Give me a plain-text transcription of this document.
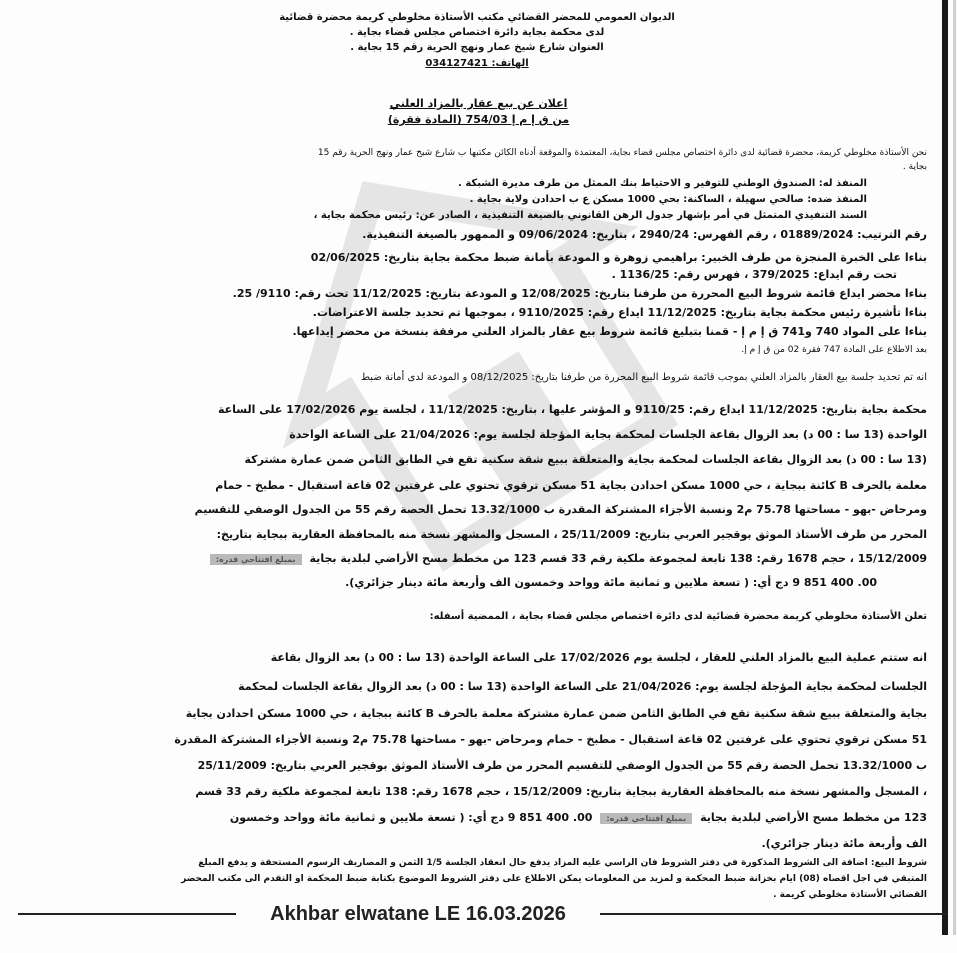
الديوان العمومي للمحضر القضائي مكتب الأستاذة مخلوطي كريمة محضرة قضائية
لدى محكمة بجاية دائرة اختصاص مجلس قضاء بجاية .
العنوان شارع شيخ عمار ونهج الحرية رقم 15 بجاية .
الهاتف: 034127421
اعلان عن بيع عقار بالمزاد العلني
من ق إ م إ 754/03 (المادة فقرة)
نحن الأستاذة مخلوطي كريمة، محضرة قضائية لدى دائرة اختصاص مجلس قضاء بجاية، المعتمدة والموقعة أدناه الكائن مكتبها ب شارع شيخ عمار ونهج الحرية رقم 15
بجاية .
المنفذ له: الصندوق الوطني للتوفير و الاحتياط بنك الممثل من طرف مديرة الشبكة .
المنفذ ضده: صالحي سهيلة ، الساكنة: بحي 1000 مسكن ع ب احدادن ولاية بجاية .
السند التنفيذي المتمثل في أمر بإشهار جدول الرهن القانوني بالصيغة التنفيذية ، الصادر عن: رئيس محكمة بجاية ،
رقم الترتيب: 01889/2024 ، رقم الفهرس: 2940/24 ، بتاريخ: 09/06/2024 و الممهور بالصيغة التنفيذية.
بناءا على الخبرة المنجزة من طرف الخبير: براهيمي زوهرة و المودعة بأمانة ضبط محكمة بجاية بتاريخ: 02/06/2025
تحت رقم ايداع: 379/2025 ، فهرس رقم: 1136/25 .
بناءا محضر ايداع قائمة شروط البيع المحررة من طرفنا بتاريخ: 12/08/2025 و المودعة بتاريخ: 11/12/2025 تحت رقم: 9110/ 25.
بناءا تأشيرة رئيس محكمة بجاية بتاريخ: 11/12/2025 ايداع رقم: 9110/2025 ، بموجبها تم تحديد جلسة الاعتراضات.
بناءا على المواد 740 و741 ق إ م إ - قمنا بتبليغ قائمة شروط بيع عقار بالمزاد العلني مرفقة بنسخة من محضر إيداعها.
بعد الاطلاع على المادة 747 فقرة 02 من ق إ م إ.
انه تم تحديد جلسة بيع العقار بالمزاد العلني بموجب قائمة شروط البيع المحررة من طرفنا بتاريخ: 08/12/2025 و المودعة لدى أمانة ضبط
محكمة بجاية بتاريخ: 11/12/2025 ايداع رقم: 9110/25 و المؤشر عليها ، بتاريخ: 11/12/2025 ، لجلسة يوم 17/02/2026 على الساعة
الواحدة (13 سا : 00 د) بعد الزوال بقاعة الجلسات لمحكمة بجاية المؤجلة لجلسة يوم: 21/04/2026 على الساعة الواحدة
(13 سا : 00 د) بعد الزوال بقاعة الجلسات لمحكمة بجاية والمتعلقة ببيع شقة سكنية تقع في الطابق الثامن ضمن عمارة مشتركة
معلمة بالحرف B كائنة ببجاية ، حي 1000 مسكن احدادن بجاية 51 مسكن ترقوي تحتوي على غرفتين 02 قاعة استقبال - مطبخ - حمام
ومرحاض -بهو - مساحتها 75.78 م2 ونسبة الأجزاء المشتركة المقدرة ب 13.32/1000 تحمل الحصة رقم 55 من الجدول الوصفي للتقسيم
المحرر من طرف الأستاذ الموثق بوقجير العربي بتاريخ: 25/11/2009 ، المسجل والمشهر نسخة منه بالمحافظة العقارية ببجاية بتاريخ:
15/12/2009 ، حجم 1678 رقم: 138 تابعة لمجموعة ملكية رقم 33 قسم 123 من مخطط مسح الأراضي لبلدية بجاية بمبلغ افتتاحي قدره:
00. 400 851 9 دج أي: ( تسعة ملايين و ثمانية مائة وواحد وخمسون الف وأربعة مائة دينار جزائري).
تعلن الأستاذة مخلوطي كريمة محضرة قضائية لدى دائرة اختصاص مجلس قضاء بجاية ، الممضية أسفله:
انه ستتم عملية البيع بالمزاد العلني للعقار ، لجلسة يوم 17/02/2026 على الساعة الواحدة (13 سا : 00 د) بعد الزوال بقاعة
الجلسات لمحكمة بجاية المؤجلة لجلسة يوم: 21/04/2026 على الساعة الواحدة (13 سا : 00 د) بعد الزوال بقاعة الجلسات لمحكمة
بجاية والمتعلقة ببيع شقة سكنية تقع في الطابق الثامن ضمن عمارة مشتركة معلمة بالحرف B كائنة ببجاية ، حي 1000 مسكن احدادن بجاية
51 مسكن ترقوي تحتوي على غرفتين 02 قاعة استقبال - مطبخ - حمام ومرحاض -بهو - مساحتها 75.78 م2 ونسبة الأجزاء المشتركة المقدرة
ب 13.32/1000 تحمل الحصة رقم 55 من الجدول الوصفي للتقسيم المحرر من طرف الأستاذ الموثق بوقجير العربي بتاريخ: 25/11/2009
، المسجل والمشهر نسخة منه بالمحافظة العقارية ببجاية بتاريخ: 15/12/2009 ، حجم 1678 رقم: 138 تابعة لمجموعة ملكية رقم 33 قسم
123 من مخطط مسح الأراضي لبلدية بجاية بمبلغ افتتاحي قدره: 00. 400 851 9 دج أي: ( تسعة ملايين و ثمانية مائة وواحد وخمسون
الف وأربعة مائة دينار جزائري).
شروط البيع: اضافة الى الشروط المذكورة في دفتر الشروط فان الراسي عليه المزاد يدفع حال انعقاد الجلسة 1/5 الثمن و المصاريف الرسوم المستحقة و يدفع المبلغ
المتبقي في اجل اقصاه (08) ايام بخزانة ضبط المحكمة و لمزيد من المعلومات يمكن الاطلاع على دفتر الشروط الموضوع بكتابة ضبط المحكمة او التقدم الى مكتب المحضر
القضائي الأستاذة مخلوطي كريمة .
Akhbar elwatane LE 16.03.2026
